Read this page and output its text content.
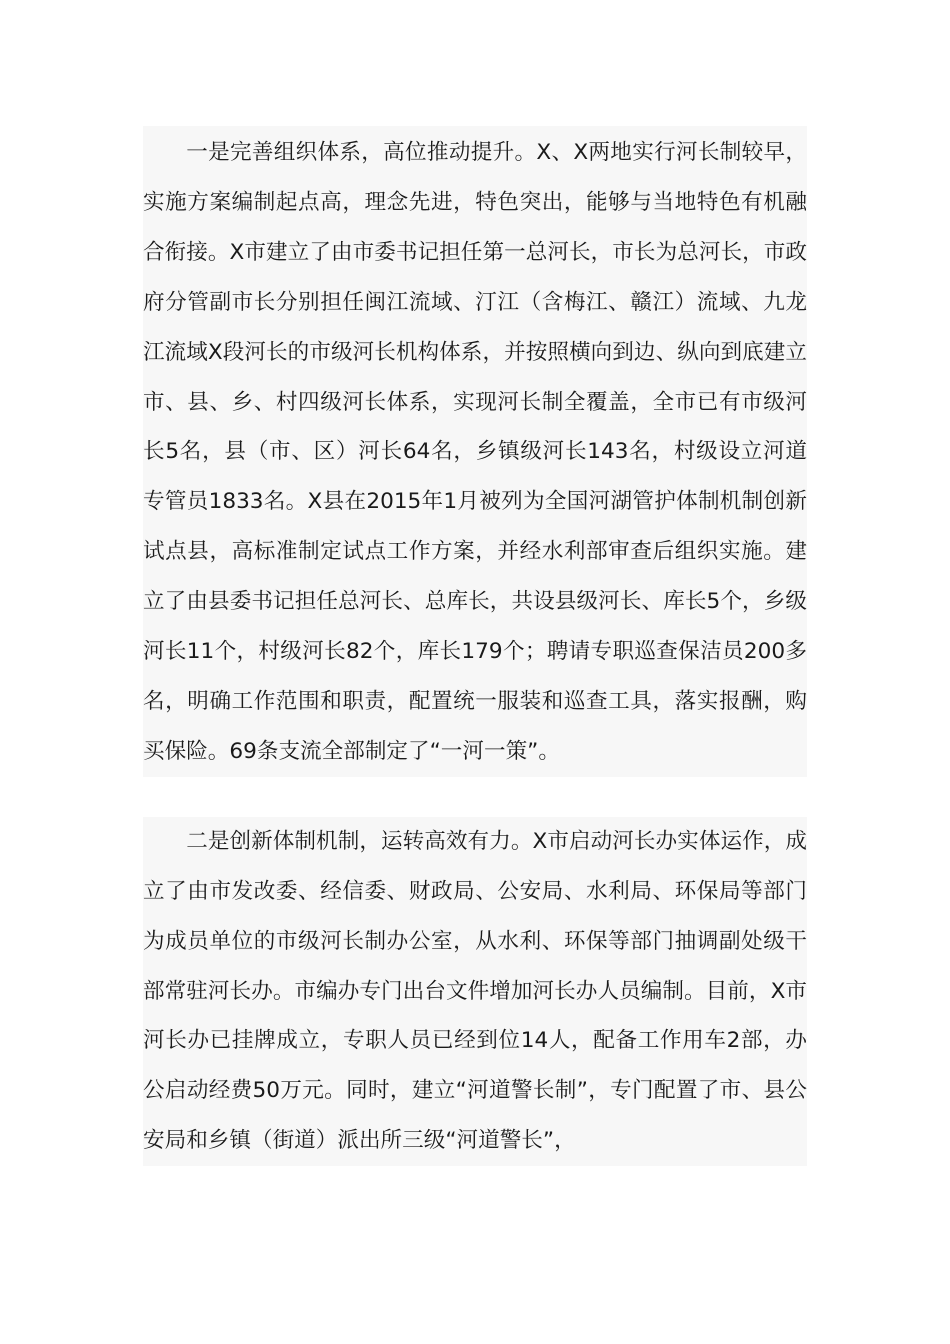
一是完善组织体系，高位推动提升。X、X两地实行河长制较早，实施方案编制起点高，理念先进，特色突出，能够与当地特色有机融合衔接。X市建立了由市委书记担任第一总河长，市长为总河长，市政府分管副市长分别担任闽江流域、汀江（含梅江、赣江）流域、九龙江流域X段河长的市级河长机构体系，并按照横向到边、纵向到底建立市、县、乡、村四级河长体系，实现河长制全覆盖，全市已有市级河长5名，县（市、区）河长64名，乡镇级河长143名，村级设立河道专管员1833名。X县在2015年1月被列为全国河湖管护体制机制创新试点县，高标准制定试点工作方案，并经水利部审查后组织实施。建立了由县委书记担任总河长、总库长，共设县级河长、库长5个，乡级河长11个，村级河长82个，库长179个；聘请专职巡查保洁员200多名，明确工作范围和职责，配置统一服装和巡查工具，落实报酬，购买保险。69条支流全部制定了“一河一策”。

二是创新体制机制，运转高效有力。X市启动河长办实体运作，成立了由市发改委、经信委、财政局、公安局、水利局、环保局等部门为成员单位的市级河长制办公室，从水利、环保等部门抽调副处级干部常驻河长办。市编办专门出台文件增加河长办人员编制。目前，X市河长办已挂牌成立，专职人员已经到位14人，配备工作用车2部，办公启动经费50万元。同时，建立“河道警长制”，专门配置了市、县公安局和乡镇（街道）派出所三级“河道警长”，
